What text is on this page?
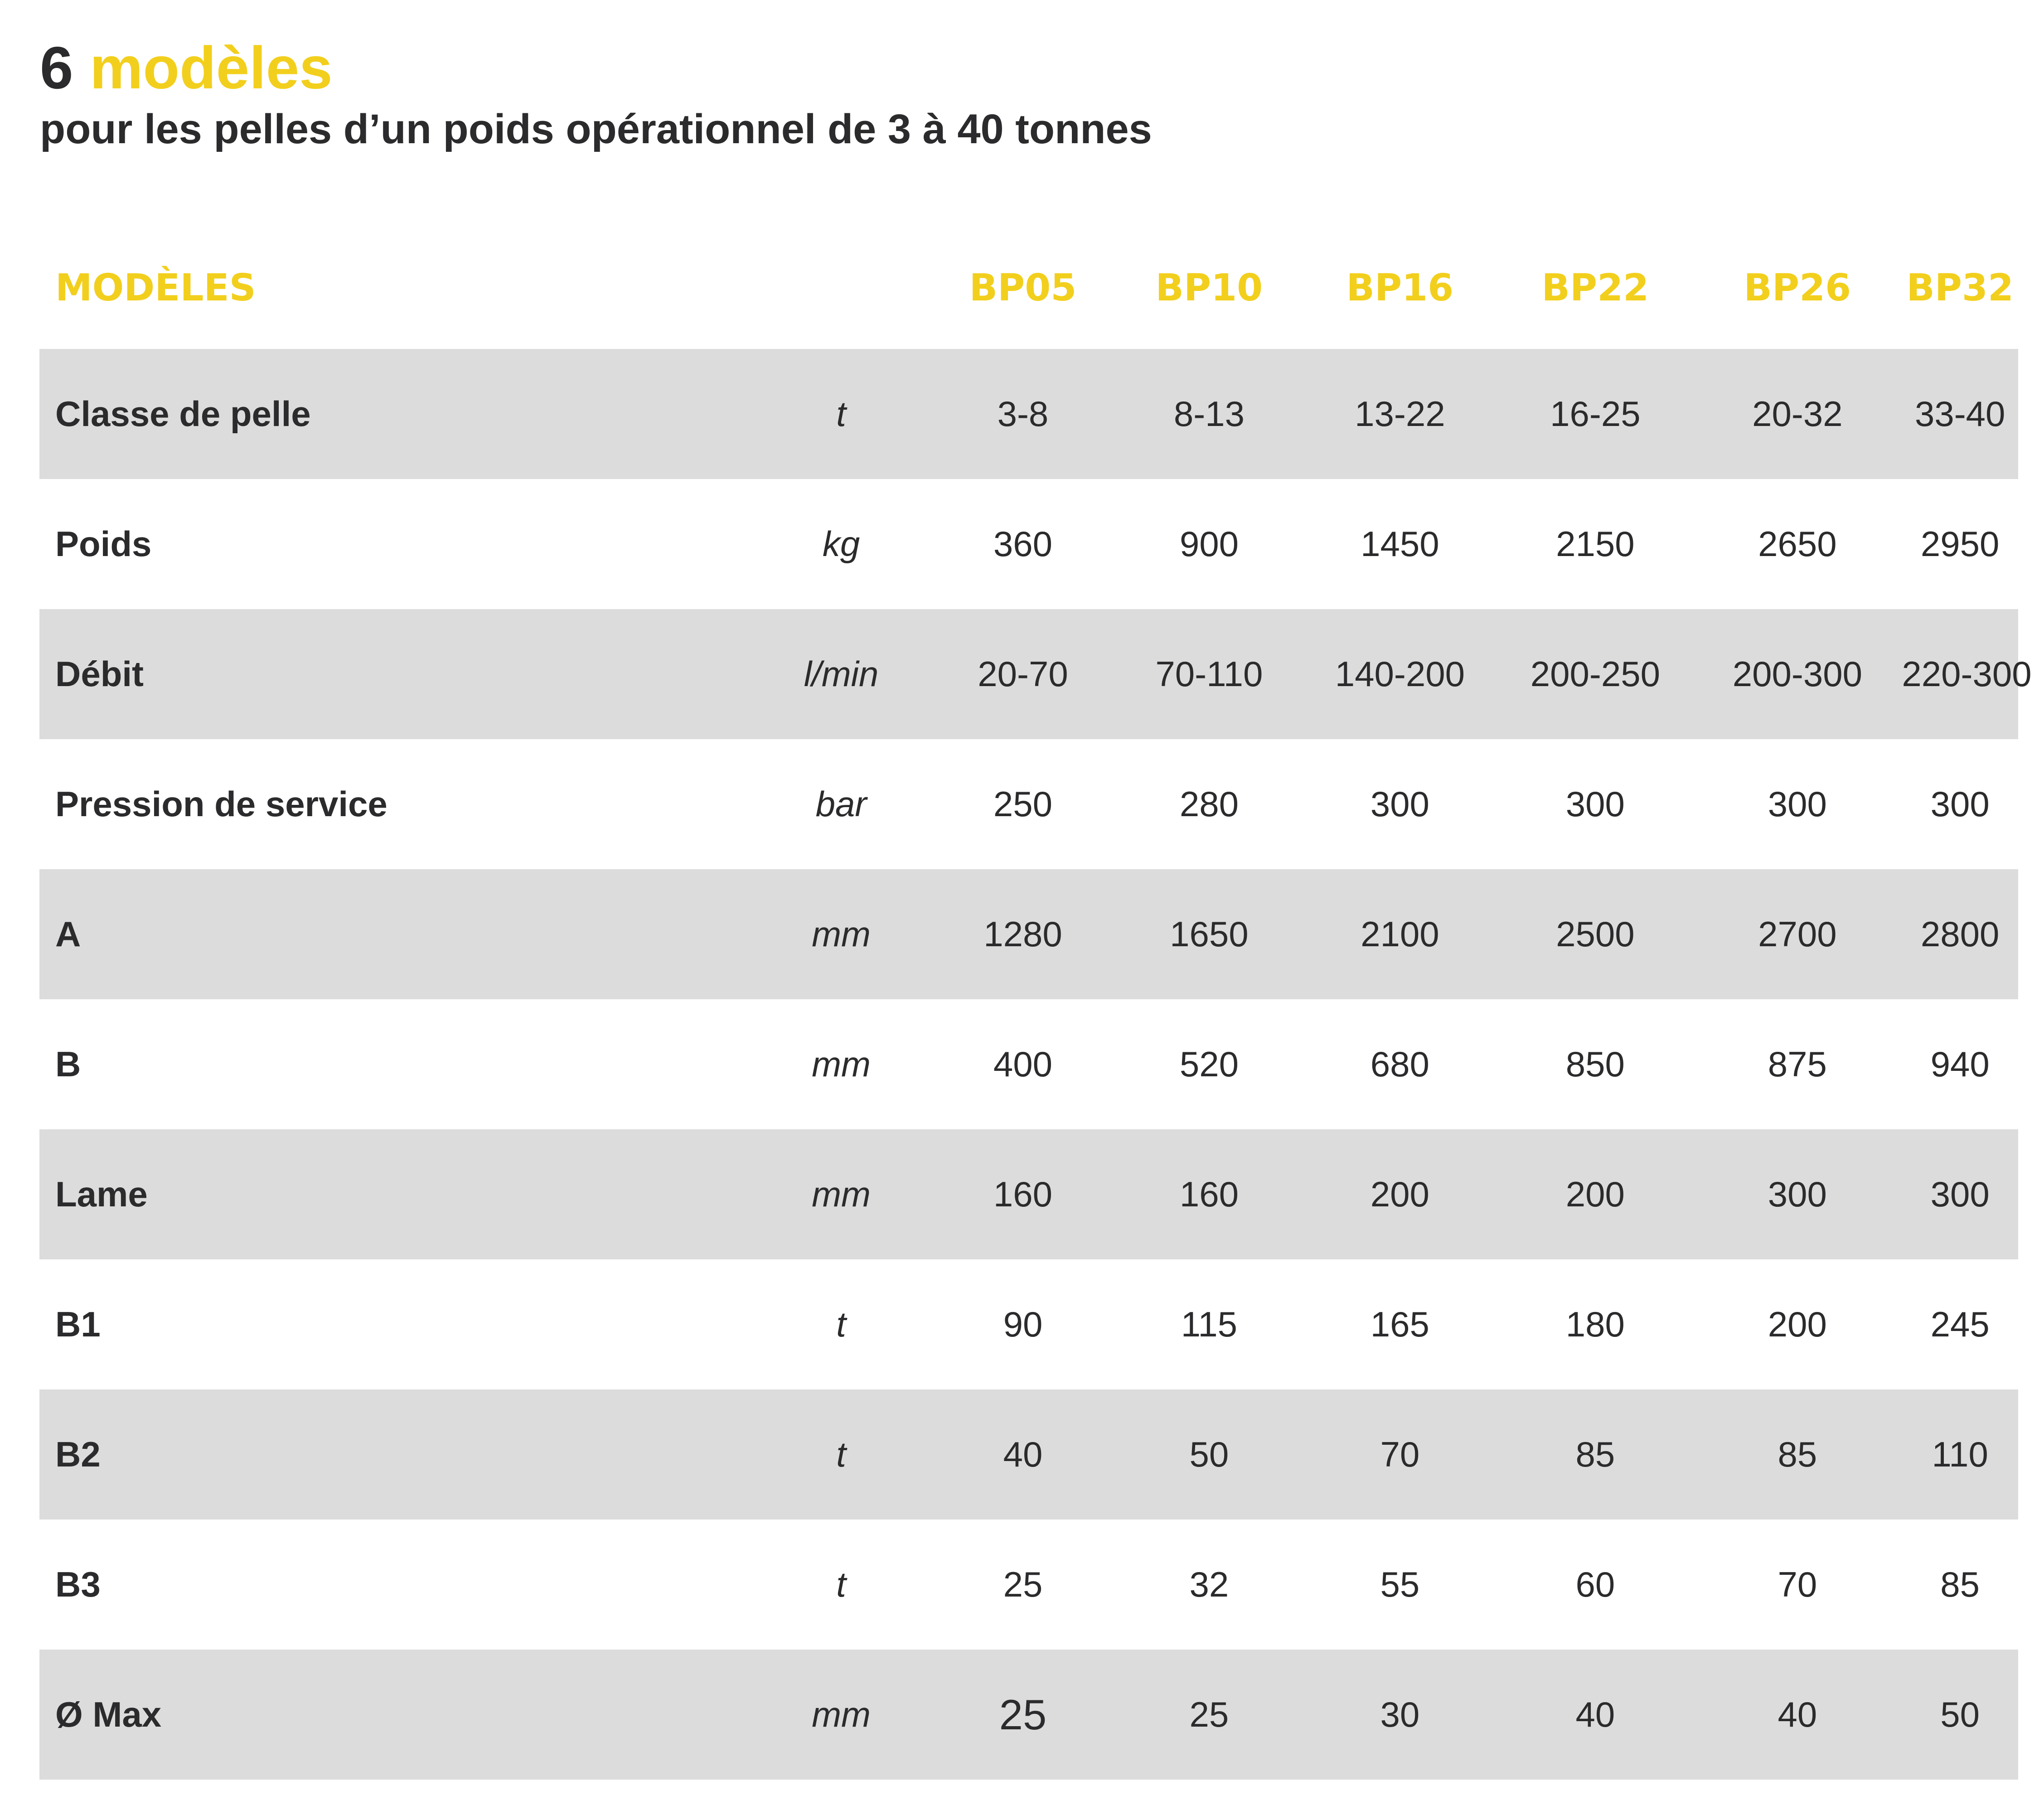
6 modèles

pour les pelles d’un poids opérationnel de 3 à 40 tonnes

MODÈLES		BP05	BP10	BP16	BP22	BP26	BP32
Classe de pelle	t	3-8	8-13	13-22	16-25	20-32	33-40
Poids	kg	360	900	1450	2150	2650	2950
Débit	l/min	20-70	70-110	140-200	200-250	200-300	220-300
Pression de service	bar	250	280	300	300	300	300
A	mm	1280	1650	2100	2500	2700	2800
B	mm	400	520	680	850	875	940
Lame	mm	160	160	200	200	300	300
B1	t	90	115	165	180	200	245
B2	t	40	50	70	85	85	110
B3	t	25	32	55	60	70	85
Ø Max	mm	25	25	30	40	40	50
